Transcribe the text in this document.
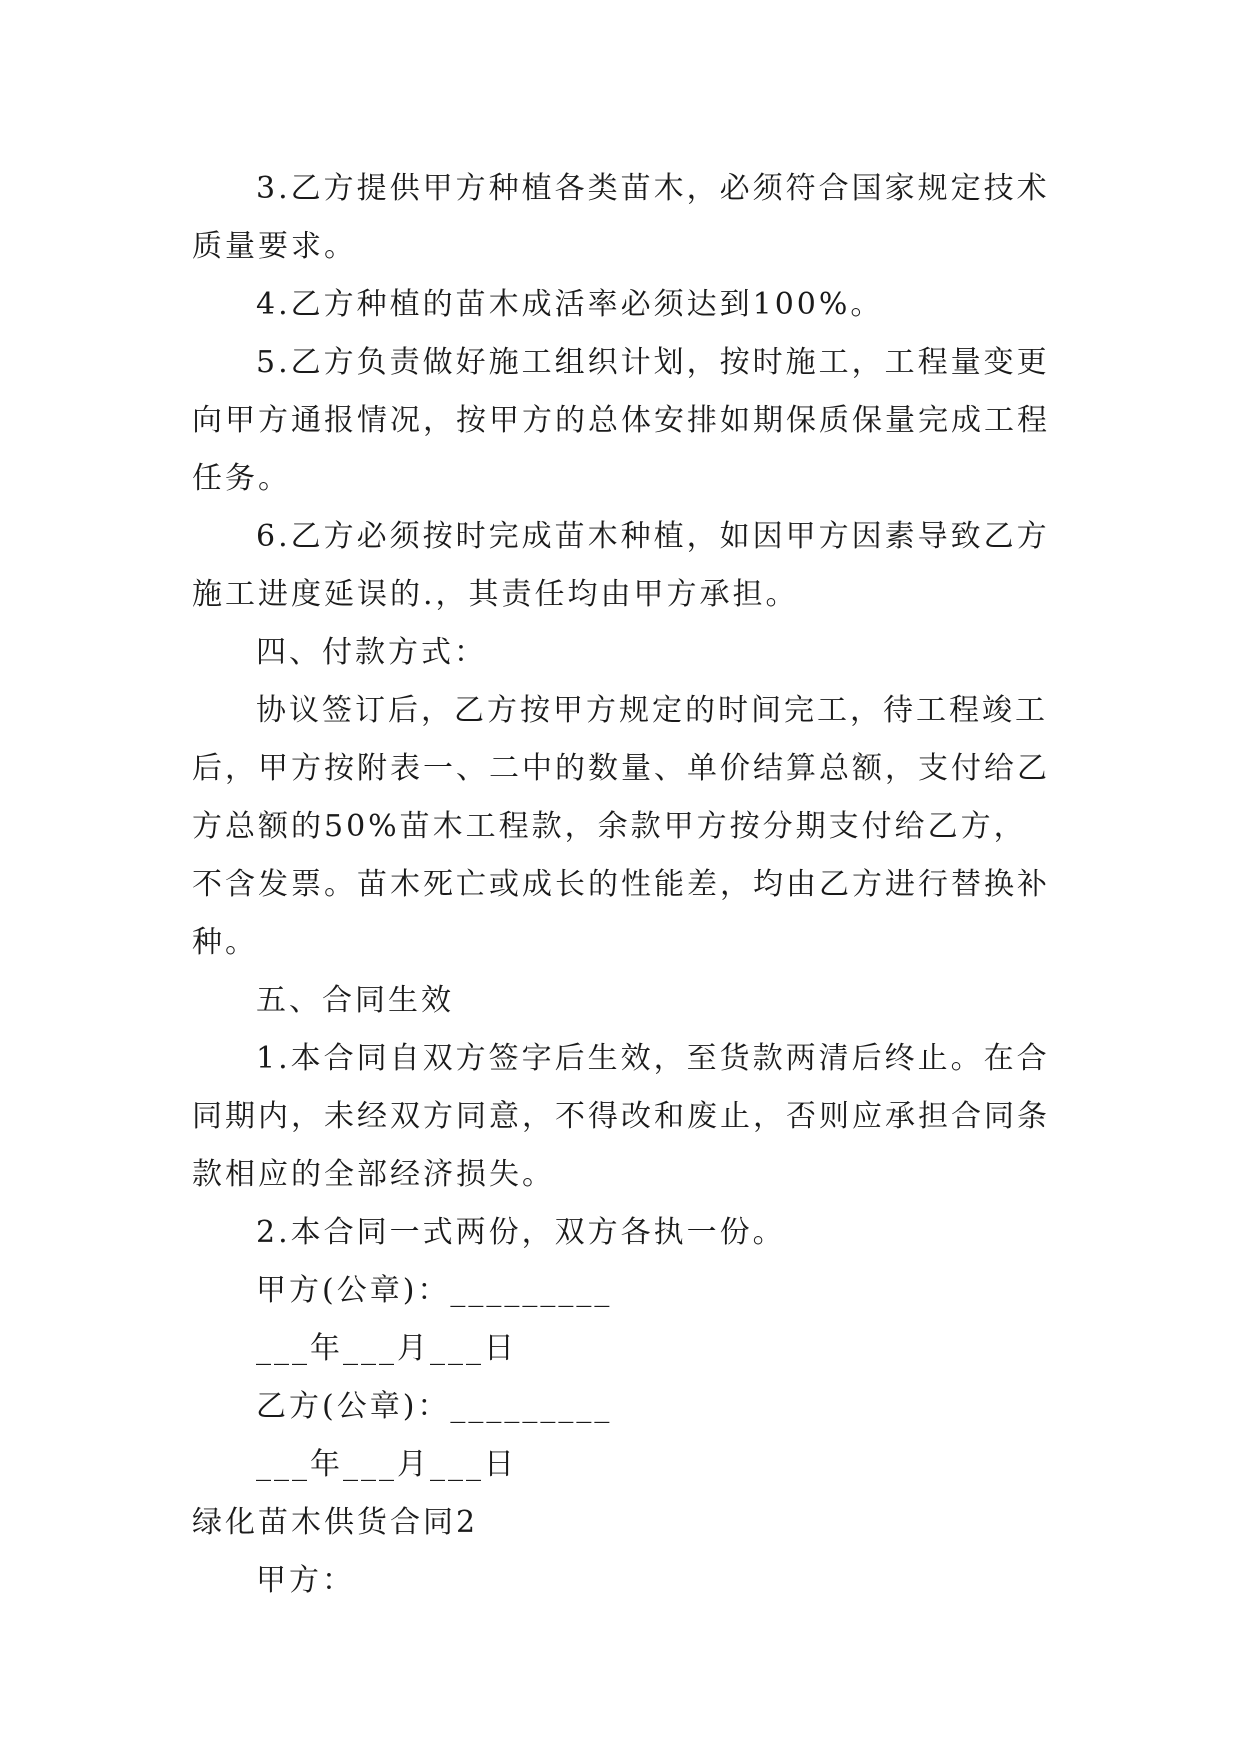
3.乙方提供甲方种植各类苗木，必须符合国家规定技术质量要求。

4.乙方种植的苗木成活率必须达到100%。

5.乙方负责做好施工组织计划，按时施工，工程量变更向甲方通报情况，按甲方的总体安排如期保质保量完成工程任务。

6.乙方必须按时完成苗木种植，如因甲方因素导致乙方施工进度延误的.，其责任均由甲方承担。

四、付款方式：

协议签订后，乙方按甲方规定的时间完工，待工程竣工后，甲方按附表一、二中的数量、单价结算总额，支付给乙方总额的50%苗木工程款，余款甲方按分期支付给乙方，不含发票。苗木死亡或成长的性能差，均由乙方进行替换补种。

五、合同生效

1.本合同自双方签字后生效，至货款两清后终止。在合同期内，未经双方同意，不得改和废止，否则应承担合同条款相应的全部经济损失。

2.本合同一式两份，双方各执一份。

甲方(公章)：_________

___年___月___日

乙方(公章)：_________

___年___月___日

绿化苗木供货合同2

甲方：
